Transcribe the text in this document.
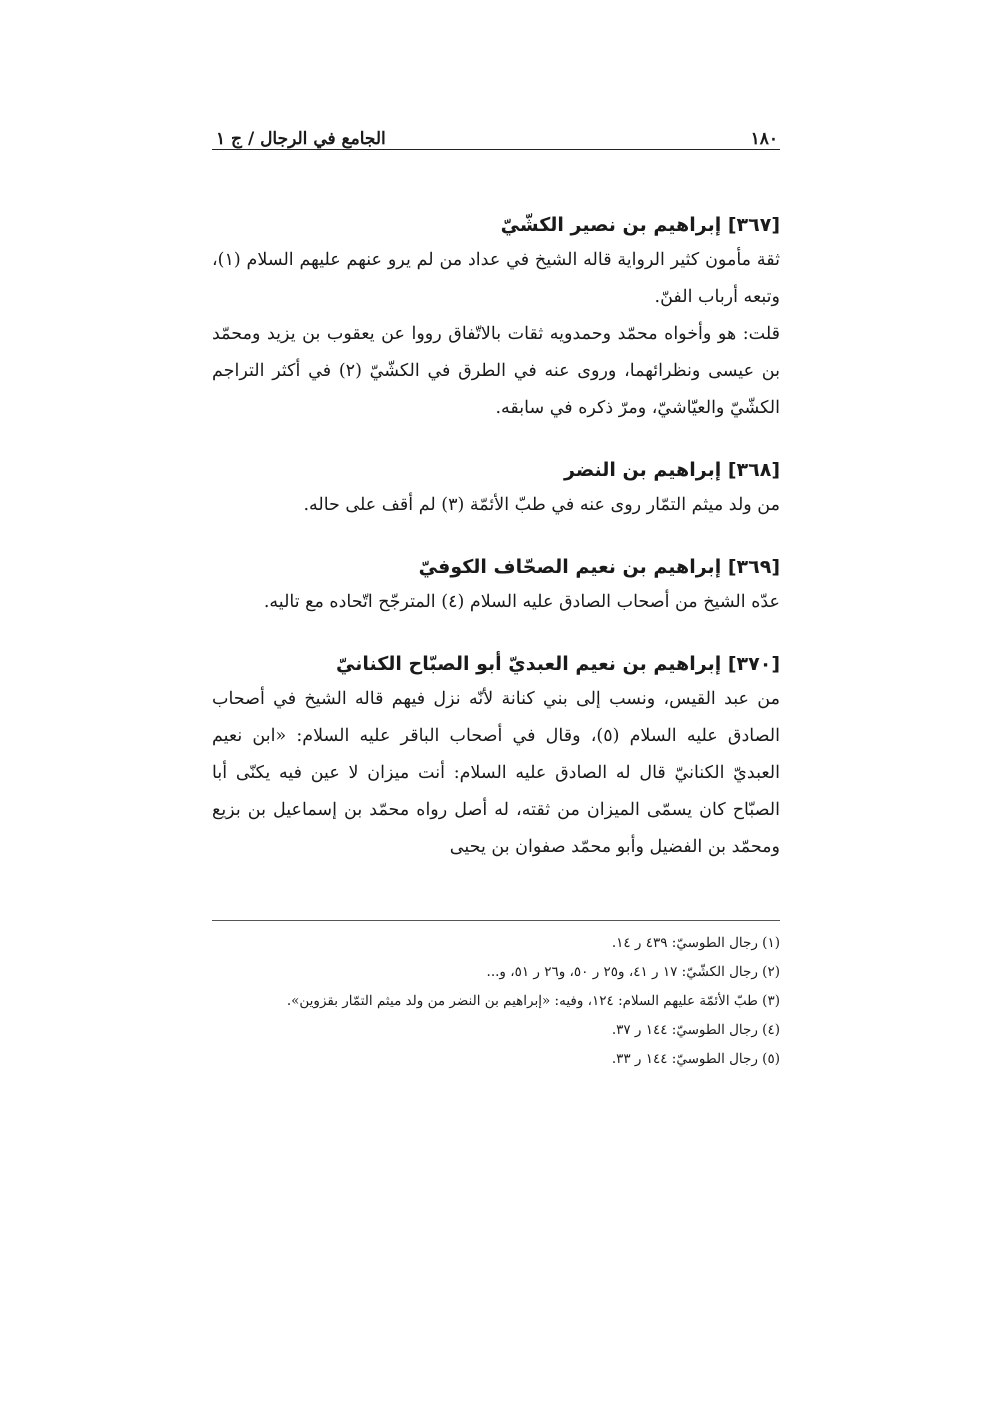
١٨٠
الجامع في الرجال / ج ١
[٣٦٧] إبراهيم بن نصير الكشّيّ

ثقة مأمون كثير الرواية قاله الشيخ في عداد من لم يرو عنهم عليهم السلام (١)، وتبعه أرباب الفنّ.

قلت: هو وأخواه محمّد وحمدويه ثقات بالاتّفاق رووا عن يعقوب بن يزيد ومحمّد بن عيسى ونظرائهما، وروى عنه في الطرق في الكشّيّ (٢) في أكثر التراجم الكشّيّ والعيّاشيّ، ومرّ ذكره في سابقه.

[٣٦٨] إبراهيم بن النضر

من ولد ميثم التمّار روى عنه في طبّ الأئمّة (٣) لم أقف على حاله.

[٣٦٩] إبراهيم بن نعيم الصحّاف الكوفيّ

عدّه الشيخ من أصحاب الصادق عليه السلام (٤) المترجّح اتّحاده مع تاليه.

[٣٧٠] إبراهيم بن نعيم العبديّ أبو الصبّاح الكنانيّ

من عبد القيس، ونسب إلى بني كنانة لأنّه نزل فيهم قاله الشيخ في أصحاب الصادق عليه السلام (٥)، وقال في أصحاب الباقر عليه السلام: «ابن نعيم العبديّ الكنانيّ قال له الصادق عليه السلام: أنت ميزان لا عين فيه يكنّى أبا الصبّاح كان يسمّى الميزان من ثقته، له أصل رواه محمّد بن إسماعيل بن بزيع ومحمّد بن الفضيل وأبو محمّد صفوان بن يحيى

(١) رجال الطوسيّ: ٤٣٩ ر ١٤.

(٢) رجال الكشّيّ: ١٧ ر ٤١، و٢٥ ر ٥٠، و٢٦ ر ٥١، و...

(٣) طبّ الأئمّة عليهم السلام: ١٢٤، وفيه: «إبراهيم بن النضر من ولد ميثم التمّار بقزوين».

(٤) رجال الطوسيّ: ١٤٤ ر ٣٧.

(٥) رجال الطوسيّ: ١٤٤ ر ٣٣.
